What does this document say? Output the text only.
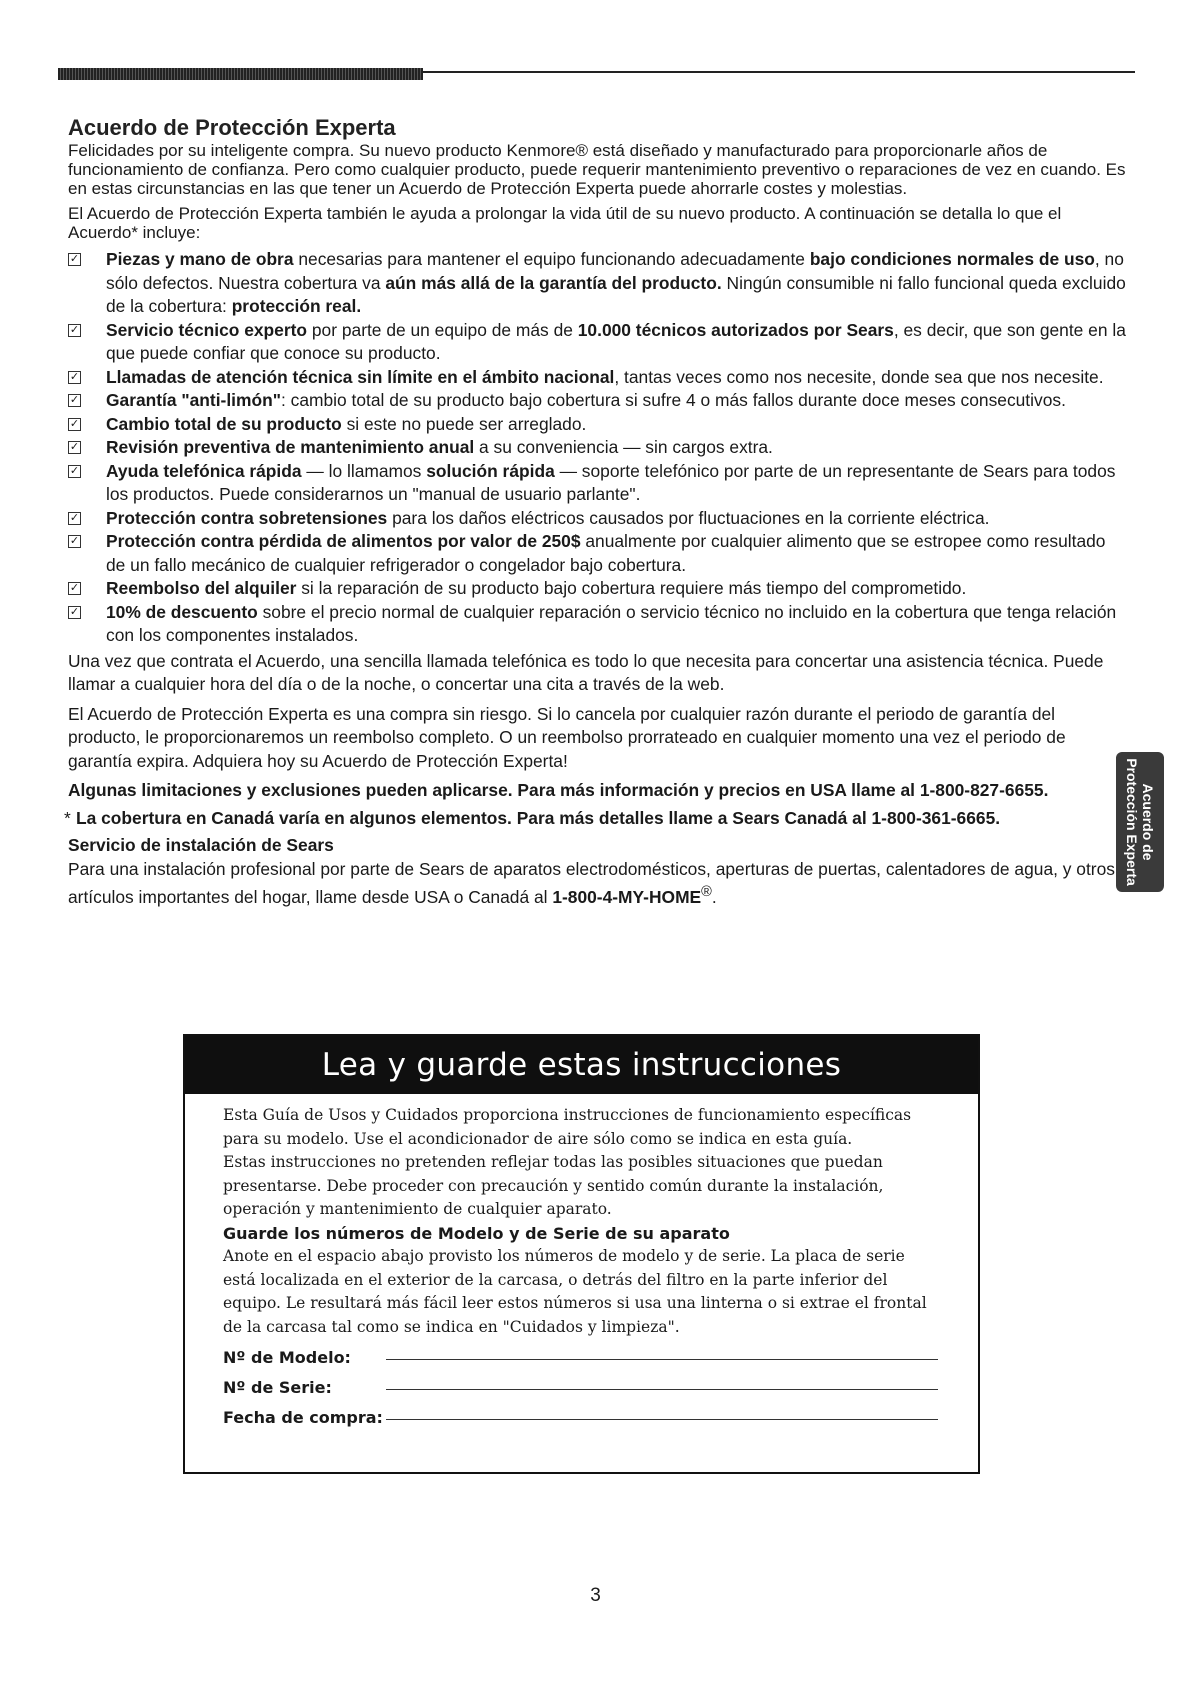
Acuerdo de Protección Experta

Felicidades por su inteligente compra. Su nuevo producto Kenmore® está diseñado y manufacturado para proporcionarle años de funcionamiento de confianza. Pero como cualquier producto, puede requerir mantenimiento preventivo o reparaciones de vez en cuando. Es en estas circunstancias en las que tener un Acuerdo de Protección Experta puede ahorrarle costes y molestias.

El Acuerdo de Protección Experta también le ayuda a prolongar la vida útil de su nuevo producto. A continuación se detalla lo que el Acuerdo* incluye:

✓ Piezas y mano de obra necesarias para mantener el equipo funcionando adecuadamente bajo condiciones normales de uso, no sólo defectos. Nuestra cobertura va aún más allá de la garantía del producto. Ningún consumible ni fallo funcional queda excluido de la cobertura: protección real.
✓ Servicio técnico experto por parte de un equipo de más de 10.000 técnicos autorizados por Sears, es decir, que son gente en la que puede confiar que conoce su producto.
✓ Llamadas de atención técnica sin límite en el ámbito nacional, tantas veces como nos necesite, donde sea que nos necesite.
✓ Garantía "anti-limón": cambio total de su producto bajo cobertura si sufre 4 o más fallos durante doce meses consecutivos.
✓ Cambio total de su producto si este no puede ser arreglado.
✓ Revisión preventiva de mantenimiento anual a su conveniencia — sin cargos extra.
✓ Ayuda telefónica rápida — lo llamamos solución rápida — soporte telefónico por parte de un representante de Sears para todos los productos. Puede considerarnos un "manual de usuario parlante".
✓ Protección contra sobretensiones para los daños eléctricos causados por fluctuaciones en la corriente eléctrica.
✓ Protección contra pérdida de alimentos por valor de 250$ anualmente por cualquier alimento que se estropee como resultado de un fallo mecánico de cualquier refrigerador o congelador bajo cobertura.
✓ Reembolso del alquiler si la reparación de su producto bajo cobertura requiere más tiempo del comprometido.
✓ 10% de descuento sobre el precio normal de cualquier reparación o servicio técnico no incluido en la cobertura que tenga relación con los componentes instalados.

Una vez que contrata el Acuerdo, una sencilla llamada telefónica es todo lo que necesita para concertar una asistencia técnica. Puede llamar a cualquier hora del día o de la noche, o concertar una cita a través de la web.

El Acuerdo de Protección Experta es una compra sin riesgo. Si lo cancela por cualquier razón durante el periodo de garantía del producto, le proporcionaremos un reembolso completo. O un reembolso prorrateado en cualquier momento una vez el periodo de garantía expira. Adquiera hoy su Acuerdo de Protección Experta!

Algunas limitaciones y exclusiones pueden aplicarse. Para más información y precios en USA llame al 1-800-827-6655.

* La cobertura en Canadá varía en algunos elementos. Para más detalles llame a Sears Canadá al 1-800-361-6665.

Servicio de instalación de Sears

Para una instalación profesional por parte de Sears de aparatos electrodomésticos, aperturas de puertas, calentadores de agua, y otros artículos importantes del hogar, llame desde USA o Canadá al 1-800-4-MY-HOME®.

Acuerdo de
Protección Experta
Lea y guarde estas instrucciones

Esta Guía de Usos y Cuidados proporciona instrucciones de funcionamiento específicas para su modelo. Use el acondicionador de aire sólo como se indica en esta guía.

Estas instrucciones no pretenden reflejar todas las posibles situaciones que puedan presentarse. Debe proceder con precaución y sentido común durante la instalación, operación y mantenimiento de cualquier aparato.

Guarde los números de Modelo y de Serie de su aparato

Anote en el espacio abajo provisto los números de modelo y de serie. La placa de serie está localizada en el exterior de la carcasa, o detrás del filtro en la parte inferior del equipo. Le resultará más fácil leer estos números si usa una linterna o si extrae el frontal de la carcasa tal como se indica en "Cuidados y limpieza".

Nº de Modelo:
Nº de Serie:
Fecha de compra:
3
